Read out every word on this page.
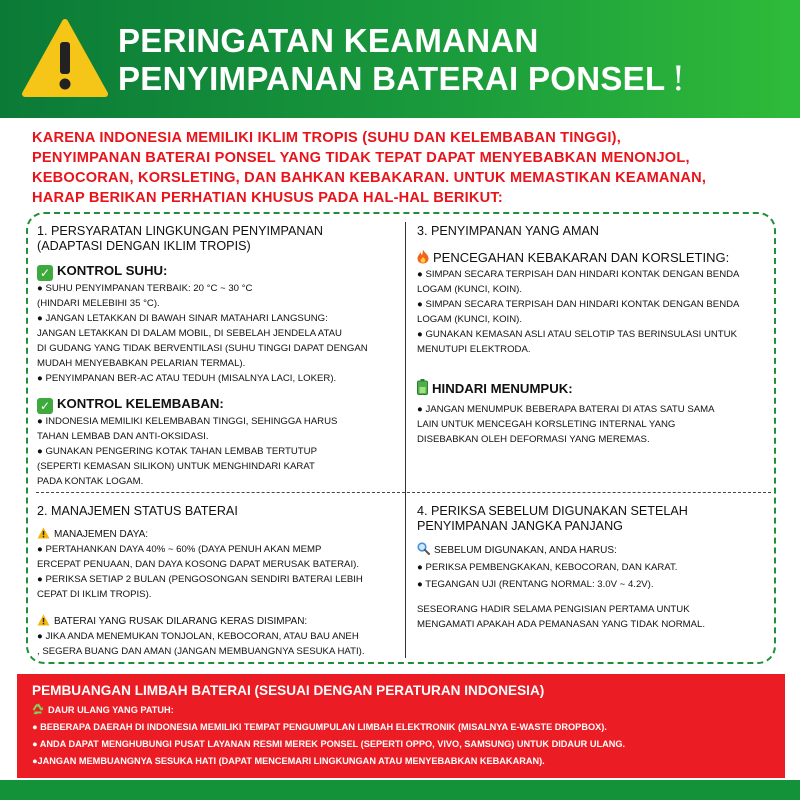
PERINGATAN KEAMANAN
PENYIMPANAN BATERAI PONSEL !
KARENA INDONESIA MEMILIKI IKLIM TROPIS (SUHU DAN KELEMBABAN TINGGI),
PENYIMPANAN BATERAI PONSEL YANG TIDAK TEPAT DAPAT MENYEBABKAN MENONJOL,
KEBOCORAN, KORSLETING, DAN BAHKAN KEBAKARAN. UNTUK MEMASTIKAN KEAMANAN,
HARAP BERIKAN PERHATIAN KHUSUS PADA HAL-HAL BERIKUT:
1. PERSYARATAN LINGKUNGAN PENYIMPANAN
(ADAPTASI DENGAN IKLIM TROPIS)
✓ KONTROL SUHU:
● SUHU PENYIMPANAN TERBAIK: 20 °C ~ 30 °C
(HINDARI MELEBIHI 35 °C).
● JANGAN LETAKKAN DI BAWAH SINAR MATAHARI LANGSUNG:
JANGAN LETAKKAN DI DALAM MOBIL, DI SEBELAH JENDELA ATAU
DI GUDANG YANG TIDAK BERVENTILASI (SUHU TINGGI DAPAT DENGAN
MUDAH MENYEBABKAN PELARIAN TERMAL).
● PENYIMPANAN BER-AC ATAU TEDUH (MISALNYA LACI, LOKER).
✓ KONTROL KELEMBABAN:
● INDONESIA MEMILIKI KELEMBABAN TINGGI, SEHINGGA HARUS
TAHAN LEMBAB DAN ANTI-OKSIDASI.
● GUNAKAN PENGERING KOTAK TAHAN LEMBAB TERTUTUP
(SEPERTI KEMASAN SILIKON) UNTUK MENGHINDARI KARAT
PADA KONTAK LOGAM.
2. MANAJEMEN STATUS BATERAI
MANAJEMEN DAYA:
● PERTAHANKAN DAYA 40% ~ 60% (DAYA PENUH AKAN MEMP
ERCEPAT PENUAAN, DAN DAYA KOSONG DAPAT MERUSAK BATERAI).
● PERIKSA SETIAP 2 BULAN (PENGOSONGAN SENDIRI BATERAI LEBIH
CEPAT DI IKLIM TROPIS).
BATERAI YANG RUSAK DILARANG KERAS DISIMPAN:
● JIKA ANDA MENEMUKAN TONJOLAN, KEBOCORAN, ATAU BAU ANEH
, SEGERA BUANG DAN AMAN (JANGAN MEMBUANGNYA SESUKA HATI).
3. PENYIMPANAN YANG AMAN
PENCEGAHAN KEBAKARAN DAN KORSLETING:
● SIMPAN SECARA TERPISAH DAN HINDARI KONTAK DENGAN BENDA
LOGAM (KUNCI, KOIN).
● SIMPAN SECARA TERPISAH DAN HINDARI KONTAK DENGAN BENDA
LOGAM (KUNCI, KOIN).
● GUNAKAN KEMASAN ASLI ATAU SELOTIP TAS BERINSULASI UNTUK
MENUTUPI ELEKTRODA.
HINDARI MENUMPUK:
● JANGAN MENUMPUK BEBERAPA BATERAI DI ATAS SATU SAMA
LAIN UNTUK MENCEGAH KORSLETING INTERNAL YANG
DISEBABKAN OLEH DEFORMASI YANG MEREMAS.
4. PERIKSA SEBELUM DIGUNAKAN SETELAH
PENYIMPANAN JANGKA PANJANG
SEBELUM DIGUNAKAN, ANDA HARUS:
● PERIKSA PEMBENGKAKAN, KEBOCORAN, DAN KARAT.
● TEGANGAN UJI (RENTANG NORMAL: 3.0V ~ 4.2V).
SESEORANG HADIR SELAMA PENGISIAN PERTAMA UNTUK
MENGAMATI APAKAH ADA PEMANASAN YANG TIDAK NORMAL.
PEMBUANGAN LIMBAH BATERAI (SESUAI DENGAN PERATURAN INDONESIA)
DAUR ULANG YANG PATUH:
● BEBERAPA DAERAH DI INDONESIA MEMILIKI TEMPAT PENGUMPULAN LIMBAH ELEKTRONIK (MISALNYA E-WASTE DROPBOX).
● ANDA DAPAT MENGHUBUNGI PUSAT LAYANAN RESMI MEREK PONSEL (SEPERTI OPPO, VIVO, SAMSUNG) UNTUK DIDAUR ULANG.
●JANGAN MEMBUANGNYA SESUKA HATI (DAPAT MENCEMARI LINGKUNGAN ATAU MENYEBABKAN KEBAKARAN).
